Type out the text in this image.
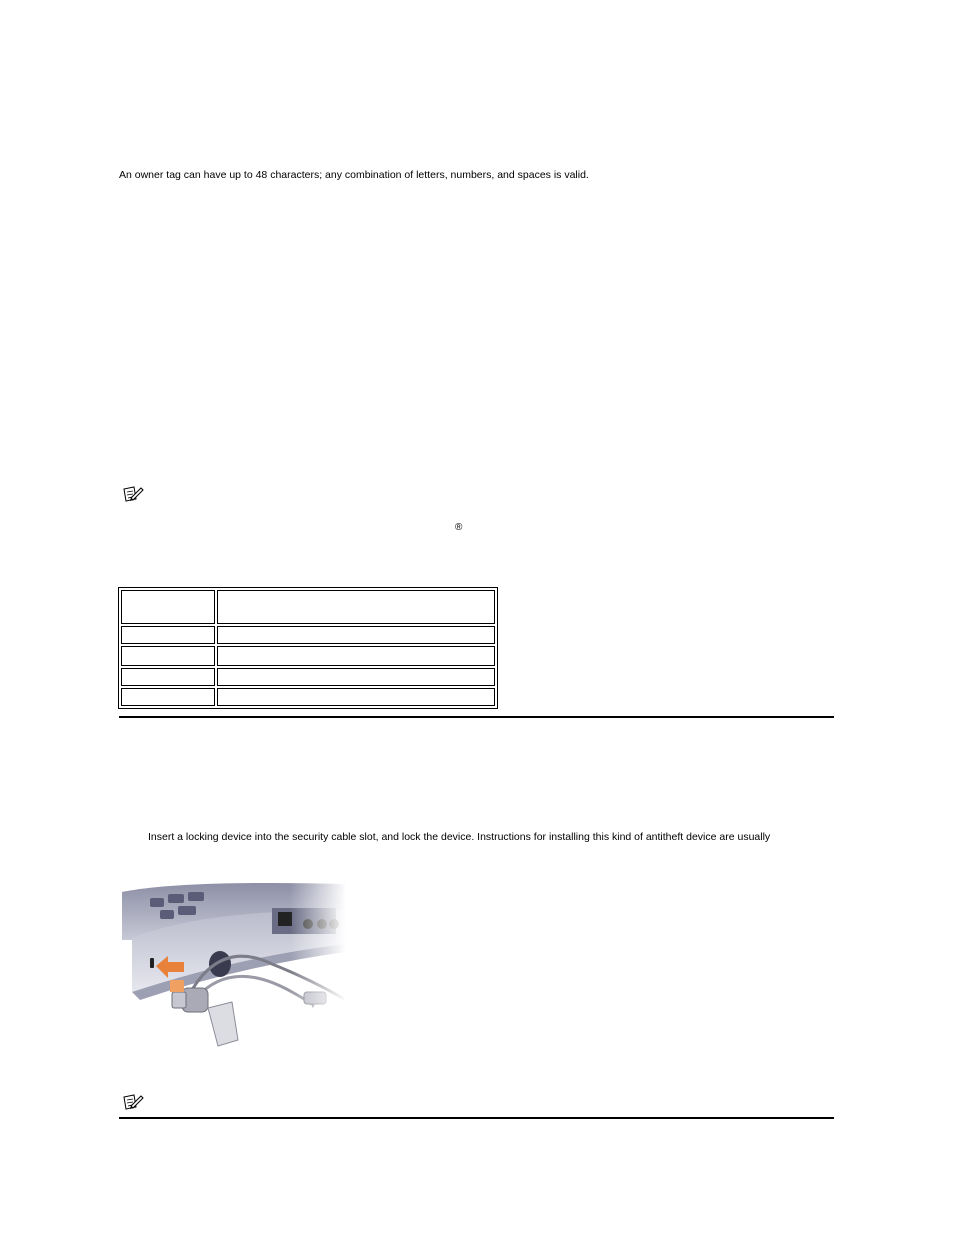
An owner tag can have up to 48 characters; any combination of letters, numbers, and spaces is valid.
®

Insert a locking device into the security cable slot, and lock the device. Instructions for installing this kind of antitheft device are usually
